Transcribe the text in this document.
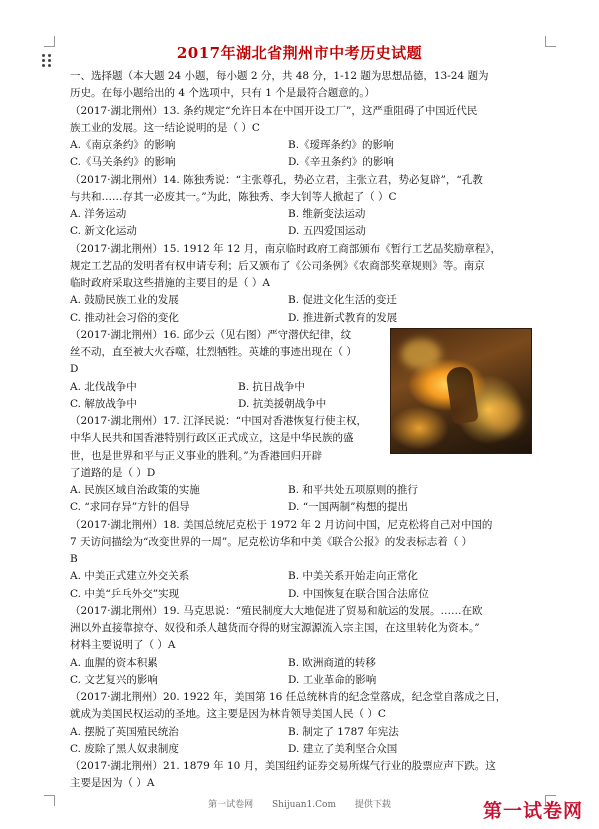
2017年湖北省荆州市中考历史试题
一、选择题（本大题 24 小题，每小题 2 分，共 48 分，1-12 题为思想品德，13-24 题为
历史。在每小题给出的 4 个选项中，只有 1 个是最符合题意的。）
（2017·湖北荆州）13. 条约规定“允许日本在中国开设工厂”，这严重阻碍了中国近代民
族工业的发展。这一结论说明的是（ ）C
A.《南京条约》的影响	B.《瑷珲条约》的影响
C.《马关条约》的影响	D.《辛丑条约》的影响
（2017·湖北荆州）14. 陈独秀说：“主张尊孔，势必立君，主张立君，势必复辟”，“孔教
与共和……存其一必废其一。”为此，陈独秀、李大钊等人掀起了（ ）C
A. 洋务运动	B. 维新变法运动
C. 新文化运动	D. 五四爱国运动
（2017·湖北荆州）15. 1912 年 12 月，南京临时政府工商部颁布《暂行工艺品奖励章程》，
规定工艺品的发明者有权申请专利；后又颁布了《公司条例》《农商部奖章规则》等。南京
临时政府采取这些措施的主要目的是（ ）A
A. 鼓励民族工业的发展	B. 促进文化生活的变迁
C. 推动社会习俗的变化	D. 推进新式教育的发展
（2017·湖北荆州）16. 邱少云（见右图）严守潜伏纪律，纹
丝不动，直至被大火吞噬，壮烈牺牲。英雄的事迹出现在（ ）
D
A. 北伐战争中	B. 抗日战争中
C. 解放战争中	D. 抗美援朝战争中
（2017·湖北荆州）17. 江泽民说：“中国对香港恢复行使主权，
中华人民共和国香港特别行政区正式成立，这是中华民族的盛
世，也是世界和平与正义事业的胜利。”为香港回归开辟
了道路的是（ ）D
A. 民族区域自治政策的实施	B. 和平共处五项原则的推行
C. “求同存异”方针的倡导	D. “一国两制”构想的提出
（2017·湖北荆州）18. 美国总统尼克松于 1972 年 2 月访问中国，尼克松将自己对中国的
7 天访问描绘为“改变世界的一周”。尼克松访华和中美《联合公报》的发表标志着（ ）
B
A. 中美正式建立外交关系	B. 中美关系开始走向正常化
C. 中美“乒乓外交”实现	D. 中国恢复在联合国合法席位
（2017·湖北荆州）19. 马克思说：“殖民制度大大地促进了贸易和航运的发展。……在欧
洲以外直接靠掠夺、奴役和杀人越货而夺得的财宝源源流入宗主国，在这里转化为资本。”
材料主要说明了（ ）A
A. 血腥的资本积累	B. 欧洲商道的转移
C. 文艺复兴的影响	D. 工业革命的影响
（2017·湖北荆州）20. 1922 年，美国第 16 任总统林肯的纪念堂落成，纪念堂自落成之日，
就成为美国民权运动的圣地。这主要是因为林肯领导美国人民（ ）C
A. 摆脱了英国殖民统治	B. 制定了 1787 年宪法
C. 废除了黑人奴隶制度	D. 建立了美利坚合众国
（2017·湖北荆州）21. 1879 年 10 月，美国纽约证券交易所煤气行业的股票应声下跌。这
主要是因为（ ）A
第一试卷网 Shijuan1.Com 提供下载	第一试卷网
